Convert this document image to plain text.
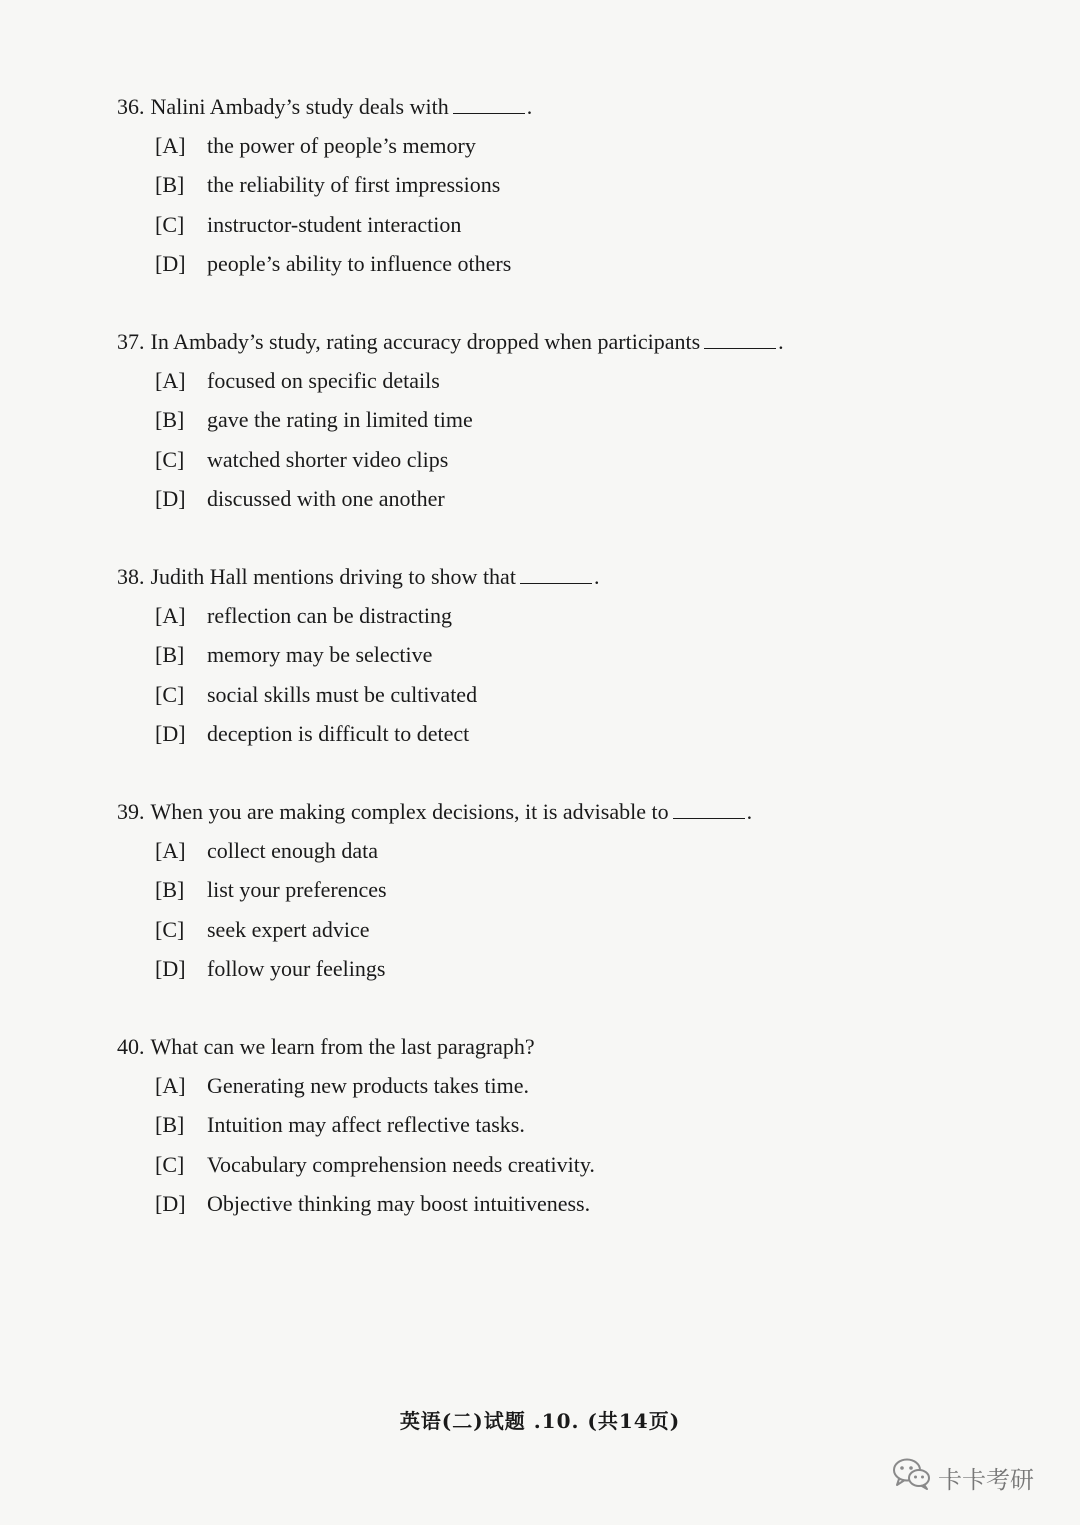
36. Nalini Ambady’s study deals with	.
[A] the power of people’s memory
[B] the reliability of first impressions
[C] instructor-student interaction
[D] people’s ability to influence others
37. In Ambady’s study, rating accuracy dropped when participants	.
[A] focused on specific details
[B] gave the rating in limited time
[C] watched shorter video clips
[D] discussed with one another
38. Judith Hall mentions driving to show that	.
[A] reflection can be distracting
[B] memory may be selective
[C] social skills must be cultivated
[D] deception is difficult to detect
39. When you are making complex decisions, it is advisable to	.
[A] collect enough data
[B] list your preferences
[C] seek expert advice
[D] follow your feelings
40. What can we learn from the last paragraph?
[A] Generating new products takes time.
[B] Intuition may affect reflective tasks.
[C] Vocabulary comprehension needs creativity.
[D] Objective thinking may boost intuitiveness.
英语(二)试题 .10. (共14页)
卡卡考研
